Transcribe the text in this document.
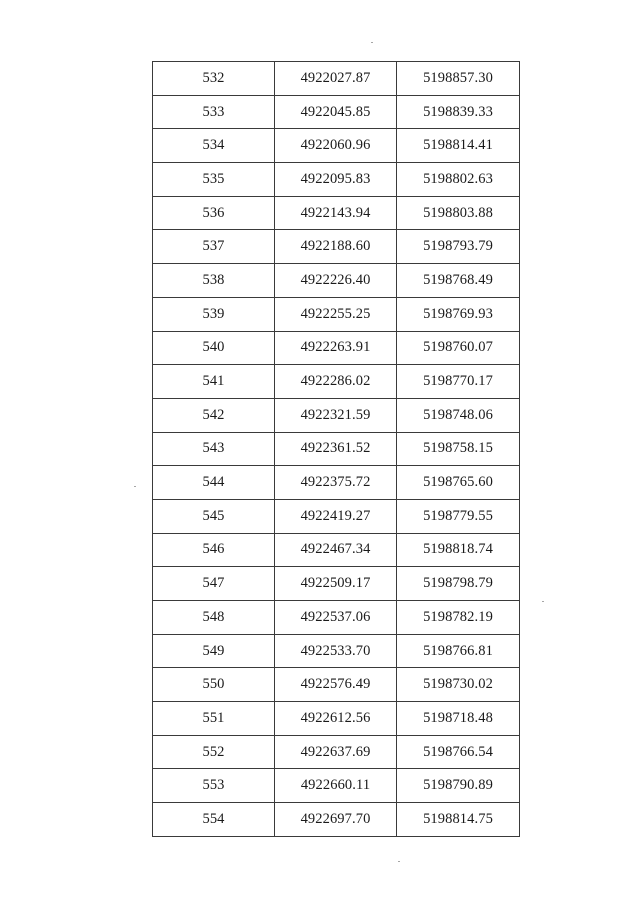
532	4922027.87	5198857.30
533	4922045.85	5198839.33
534	4922060.96	5198814.41
535	4922095.83	5198802.63
536	4922143.94	5198803.88
537	4922188.60	5198793.79
538	4922226.40	5198768.49
539	4922255.25	5198769.93
540	4922263.91	5198760.07
541	4922286.02	5198770.17
542	4922321.59	5198748.06
543	4922361.52	5198758.15
544	4922375.72	5198765.60
545	4922419.27	5198779.55
546	4922467.34	5198818.74
547	4922509.17	5198798.79
548	4922537.06	5198782.19
549	4922533.70	5198766.81
550	4922576.49	5198730.02
551	4922612.56	5198718.48
552	4922637.69	5198766.54
553	4922660.11	5198790.89
554	4922697.70	5198814.75
